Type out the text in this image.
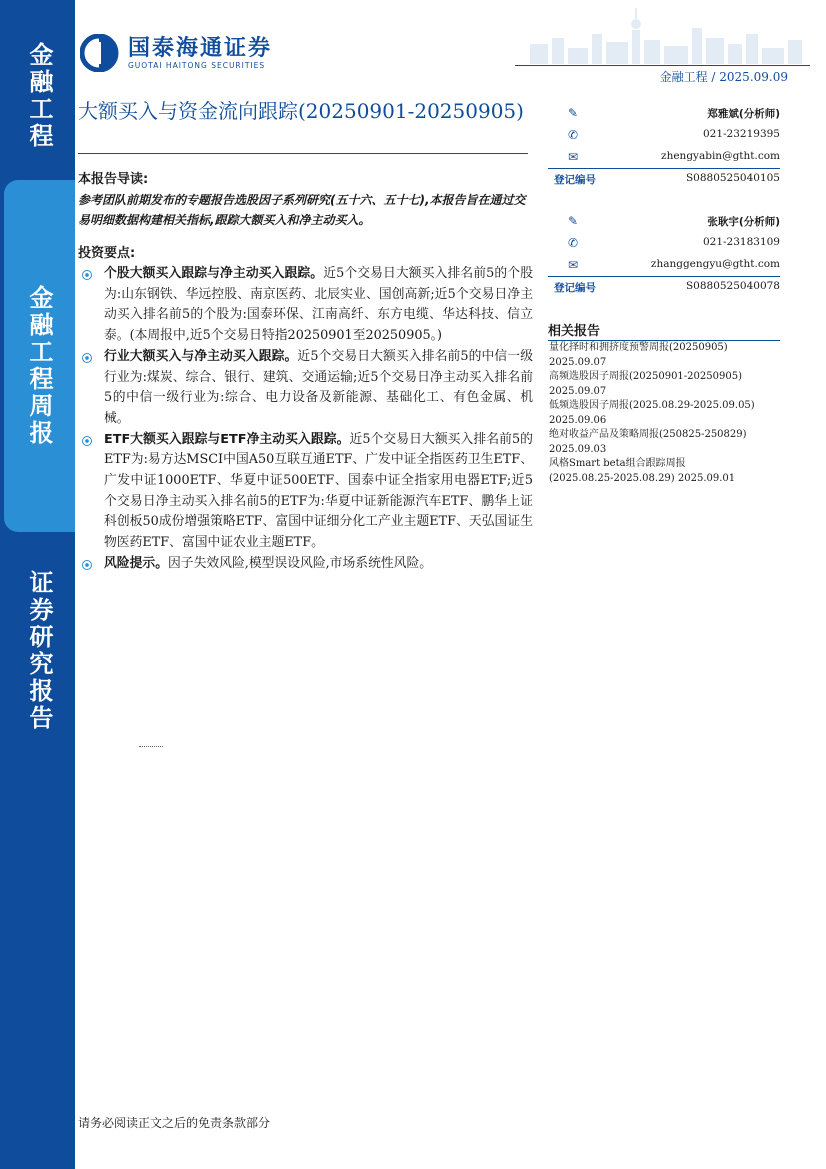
金融工程
金融工程周报
证券研究报告
国泰海通证券
GUOTAI HAITONG SECURITIES
金融工程 / 2025.09.09
大额买入与资金流向跟踪(20250901-20250905)
本报告导读:
参考团队前期发布的专题报告选股因子系列研究(五十六、五十七),本报告旨在通过交易明细数据构建相关指标,跟踪大额买入和净主动买入。
投资要点:
个股大额买入跟踪与净主动买入跟踪。近5个交易日大额买入排名前5的个股为:山东钢铁、华远控股、南京医药、北辰实业、国创高新;近5个交易日净主动买入排名前5的个股为:国泰环保、江南高纤、东方电缆、华达科技、信立泰。(本周报中,近5个交易日特指20250901至20250905。)
行业大额买入与净主动买入跟踪。近5个交易日大额买入排名前5的中信一级行业为:煤炭、综合、银行、建筑、交通运输;近5个交易日净主动买入排名前5的中信一级行业为:综合、电力设备及新能源、基础化工、有色金属、机械。
ETF大额买入跟踪与ETF净主动买入跟踪。近5个交易日大额买入排名前5的ETF为:易方达MSCI中国A50互联互通ETF、广发中证全指医药卫生ETF、广发中证1000ETF、华夏中证500ETF、国泰中证全指家用电器ETF;近5个交易日净主动买入排名前5的ETF为:华夏中证新能源汽车ETF、鹏华上证科创板50成份增强策略ETF、富国中证细分化工产业主题ETF、天弘国证生物医药ETF、富国中证农业主题ETF。
风险提示。因子失效风险,模型误设风险,市场系统性风险。
✎	郑雅斌(分析师)
✆	021-23219395
✉	zhengyabin@gtht.com
登记编号	S0880525040105
✎	张耿宇(分析师)
✆	021-23183109
✉	zhanggengyu@gtht.com
登记编号	S0880525040078
相关报告
量化择时和拥挤度预警周报(20250905)
2025.09.07
高频选股因子周报(20250901-20250905)
2025.09.07
低频选股因子周报(2025.08.29-2025.09.05)
2025.09.06
绝对收益产品及策略周报(250825-250829)
2025.09.03
风格Smart beta组合跟踪周报
(2025.08.25-2025.08.29) 2025.09.01
请务必阅读正文之后的免责条款部分
